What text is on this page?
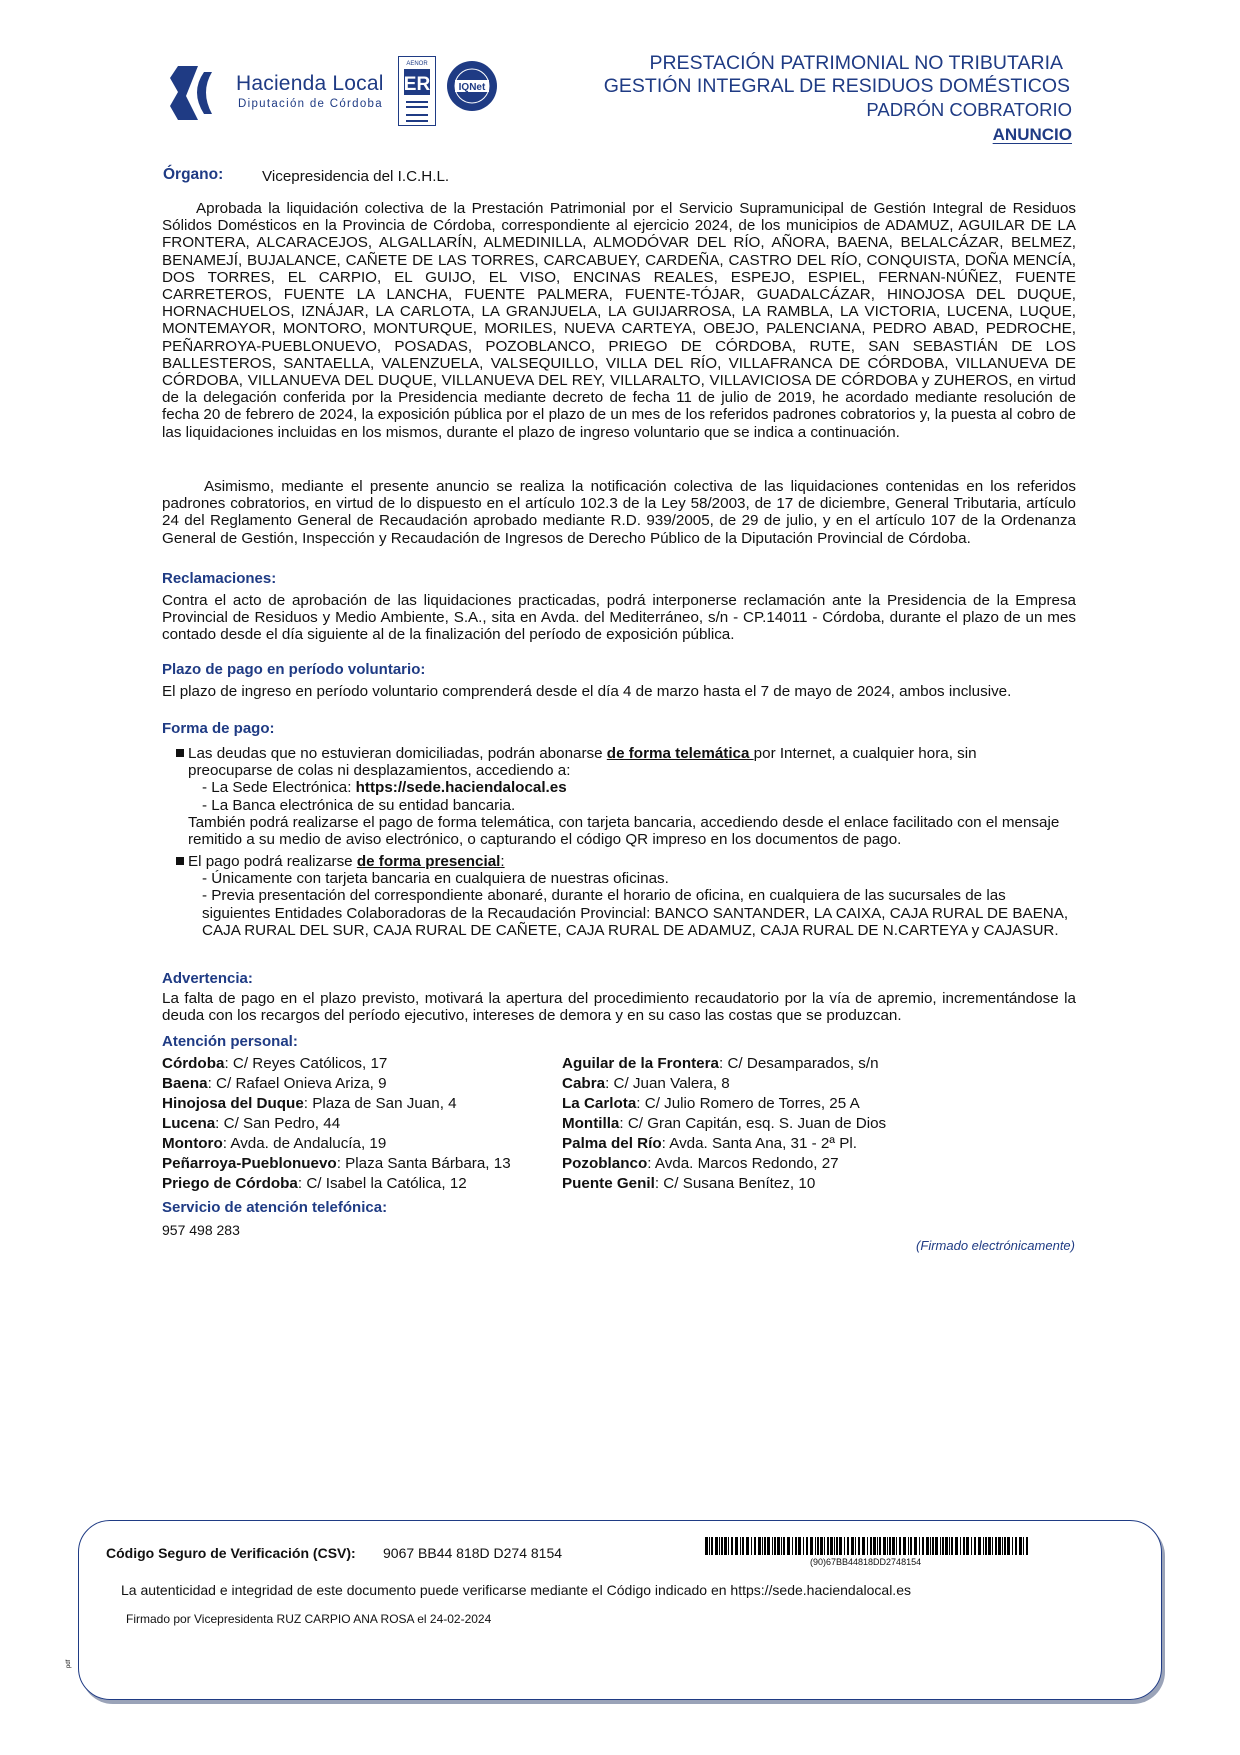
Hacienda Local
Diputación de Córdoba
AENOR
ER	IQNet
PRESTACIÓN PATRIMONIAL NO TRIBUTARIA
GESTIÓN INTEGRAL DE RESIDUOS DOMÉSTICOS
PADRÓN COBRATORIO
ANUNCIO
Órgano:	Vicepresidencia del I.C.H.L.
Aprobada la liquidación colectiva de la Prestación Patrimonial por el Servicio Supramunicipal de Gestión Integral de Residuos Sólidos Domésticos en la Provincia de Córdoba, correspondiente al ejercicio 2024, de los municipios de ADAMUZ, AGUILAR DE LA FRONTERA, ALCARACEJOS, ALGALLARÍN, ALMEDINILLA, ALMODÓVAR DEL RÍO, AÑORA, BAENA, BELALCÁZAR, BELMEZ, BENAMEJÍ, BUJALANCE, CAÑETE DE LAS TORRES, CARCABUEY, CARDEÑA, CASTRO DEL RÍO, CONQUISTA, DOÑA MENCÍA, DOS TORRES, EL CARPIO, EL GUIJO, EL VISO, ENCINAS REALES, ESPEJO, ESPIEL, FERNAN-NÚÑEZ, FUENTE CARRETEROS, FUENTE LA LANCHA, FUENTE PALMERA, FUENTE-TÓJAR, GUADALCÁZAR, HINOJOSA DEL DUQUE, HORNACHUELOS, IZNÁJAR, LA CARLOTA, LA GRANJUELA, LA GUIJARROSA, LA RAMBLA, LA VICTORIA, LUCENA, LUQUE, MONTEMAYOR, MONTORO, MONTURQUE, MORILES, NUEVA CARTEYA, OBEJO, PALENCIANA, PEDRO ABAD, PEDROCHE, PEÑARROYA-PUEBLONUEVO, POSADAS, POZOBLANCO, PRIEGO DE CÓRDOBA, RUTE, SAN SEBASTIÁN DE LOS BALLESTEROS, SANTAELLA, VALENZUELA, VALSEQUILLO, VILLA DEL RÍO, VILLAFRANCA DE CÓRDOBA, VILLANUEVA DE CÓRDOBA, VILLANUEVA DEL DUQUE, VILLANUEVA DEL REY, VILLARALTO, VILLAVICIOSA DE CÓRDOBA y ZUHEROS, en virtud de la delegación conferida por la Presidencia mediante decreto de fecha 11 de julio de 2019, he acordado mediante resolución de fecha 20 de febrero de 2024, la exposición pública por el plazo de un mes de los referidos padrones cobratorios y, la puesta al cobro de las liquidaciones incluidas en los mismos, durante el plazo de ingreso voluntario que se indica a continuación.
Asimismo, mediante el presente anuncio se realiza la notificación colectiva de las liquidaciones contenidas en los referidos padrones cobratorios, en virtud de lo dispuesto en el artículo 102.3 de la Ley 58/2003, de 17 de diciembre, General Tributaria, artículo 24 del Reglamento General de Recaudación aprobado mediante R.D. 939/2005, de 29 de julio, y en el artículo 107 de la Ordenanza General de Gestión, Inspección y Recaudación de Ingresos de Derecho Público de la Diputación Provincial de Córdoba.
Reclamaciones:
Contra el acto de aprobación de las liquidaciones practicadas, podrá interponerse reclamación ante la Presidencia de la Empresa Provincial de Residuos y Medio Ambiente, S.A., sita en Avda. del Mediterráneo, s/n - CP.14011 - Córdoba, durante el plazo de un mes contado desde el día siguiente al de la finalización del período de exposición pública.
Plazo de pago en período voluntario:
El plazo de ingreso en período voluntario comprenderá desde el día 4 de marzo hasta el 7 de mayo de 2024, ambos inclusive.
Forma de pago:
Las deudas que no estuvieran domiciliadas, podrán abonarse de forma telemática por Internet, a cualquier hora, sin
preocuparse de colas ni desplazamientos, accediendo a:
- La Sede Electrónica: https://sede.haciendalocal.es
- La Banca electrónica de su entidad bancaria.
También podrá realizarse el pago de forma telemática, con tarjeta bancaria, accediendo desde el enlace facilitado con el mensaje remitido a su medio de aviso electrónico, o capturando el código QR impreso en los documentos de pago.
El pago podrá realizarse de forma presencial:
- Únicamente con tarjeta bancaria en cualquiera de nuestras oficinas.
- Previa presentación del correspondiente abonaré, durante el horario de oficina, en cualquiera de las sucursales de las siguientes Entidades Colaboradoras de la Recaudación Provincial: BANCO SANTANDER, LA CAIXA, CAJA RURAL DE BAENA, CAJA RURAL DEL SUR, CAJA RURAL DE CAÑETE, CAJA RURAL DE ADAMUZ, CAJA RURAL DE N.CARTEYA y CAJASUR.
Advertencia:
La falta de pago en el plazo previsto, motivará la apertura del procedimiento recaudatorio por la vía de apremio, incrementándose la deuda con los recargos del período ejecutivo, intereses de demora y en su caso las costas que se produzcan.
Atención personal:
Córdoba: C/ Reyes Católicos, 17
Baena: C/ Rafael Onieva Ariza, 9
Hinojosa del Duque: Plaza de San Juan, 4
Lucena: C/ San Pedro, 44
Montoro: Avda. de Andalucía, 19
Peñarroya-Pueblonuevo: Plaza Santa Bárbara, 13
Priego de Córdoba: C/ Isabel la Católica, 12
Aguilar de la Frontera: C/ Desamparados, s/n
Cabra: C/ Juan Valera, 8
La Carlota: C/ Julio Romero de Torres, 25 A
Montilla: C/ Gran Capitán, esq. S. Juan de Dios
Palma del Río: Avda. Santa Ana, 31 - 2ª Pl.
Pozoblanco: Avda. Marcos Redondo, 27
Puente Genil: C/ Susana Benítez, 10
Servicio de atención telefónica:
957 498 283
(Firmado electrónicamente)
Código Seguro de Verificación (CSV): 9067 BB44 818D D274 8154
(90)67BB44818DD2748154
La autenticidad e integridad de este documento puede verificarse mediante el Código indicado en https://sede.haciendalocal.es
Firmado por Vicepresidenta RUZ CARPIO ANA ROSA el 24-02-2024
pdf
